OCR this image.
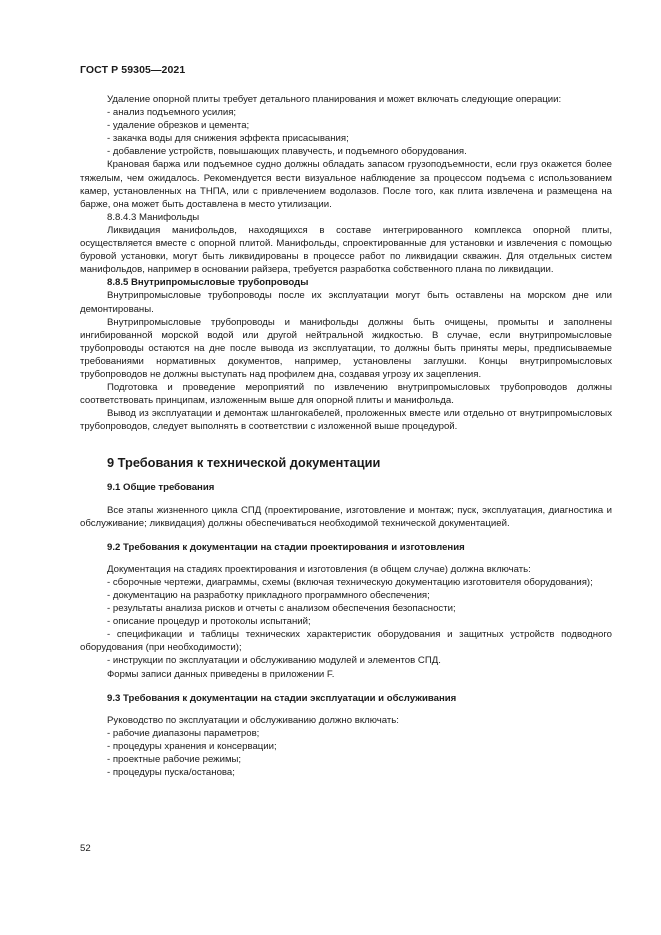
ГОСТ Р 59305—2021

Удаление опорной плиты требует детального планирования и может включать следующие операции:

- анализ подъемного усилия;

- удаление обрезков и цемента;

- закачка воды для снижения эффекта присасывания;

- добавление устройств, повышающих плавучесть, и подъемного оборудования.

Крановая баржа или подъемное судно должны обладать запасом грузоподъемности, если груз окажется более тяжелым, чем ожидалось. Рекомендуется вести визуальное наблюдение за процессом подъема с использованием камер, установленных на ТНПА, или с привлечением водолазов. После того, как плита извлечена и размещена на барже, она может быть доставлена в место утилизации.

8.8.4.3 Манифольды

Ликвидация манифольдов, находящихся в составе интегрированного комплекса опорной плиты, осуществляется вместе с опорной плитой. Манифольды, спроектированные для установки и извлечения с помощью буровой установки, могут быть ликвидированы в процессе работ по ликвидации скважин. Для отдельных систем манифольдов, например в основании райзера, требуется разработка собственного плана по ликвидации.

8.8.5 Внутрипромысловые трубопроводы

Внутрипромысловые трубопроводы после их эксплуатации могут быть оставлены на морском дне или демонтированы.

Внутрипромысловые трубопроводы и манифольды должны быть очищены, промыты и заполнены ингибированной морской водой или другой нейтральной жидкостью. В случае, если внутрипромысловые трубопроводы остаются на дне после вывода из эксплуатации, то должны быть приняты меры, предписываемые требованиями нормативных документов, например, установлены заглушки. Концы внутрипромысловых трубопроводов не должны выступать над профилем дна, создавая угрозу их зацепления.

Подготовка и проведение мероприятий по извлечению внутрипромысловых трубопроводов должны соответствовать принципам, изложенным выше для опорной плиты и манифольда.

Вывод из эксплуатации и демонтаж шлангокабелей, проложенных вместе или отдельно от внутрипромысловых трубопроводов, следует выполнять в соответствии с изложенной выше процедурой.

9 Требования к технической документации

9.1 Общие требования

Все этапы жизненного цикла СПД (проектирование, изготовление и монтаж; пуск, эксплуатация, диагностика и обслуживание; ликвидация) должны обеспечиваться необходимой технической документацией.

9.2 Требования к документации на стадии проектирования и изготовления

Документация на стадиях проектирования и изготовления (в общем случае) должна включать:

- сборочные чертежи, диаграммы, схемы (включая техническую документацию изготовителя оборудования);

- документацию на разработку прикладного программного обеспечения;

- результаты анализа рисков и отчеты с анализом обеспечения безопасности;

- описание процедур и протоколы испытаний;

- спецификации и таблицы технических характеристик оборудования и защитных устройств подводного оборудования (при необходимости);

- инструкции по эксплуатации и обслуживанию модулей и элементов СПД.

Формы записи данных приведены в приложении F.

9.3 Требования к документации на стадии эксплуатации и обслуживания

Руководство по эксплуатации и обслуживанию должно включать:

- рабочие диапазоны параметров;

- процедуры хранения и консервации;

- проектные рабочие режимы;

- процедуры пуска/останова;

52
